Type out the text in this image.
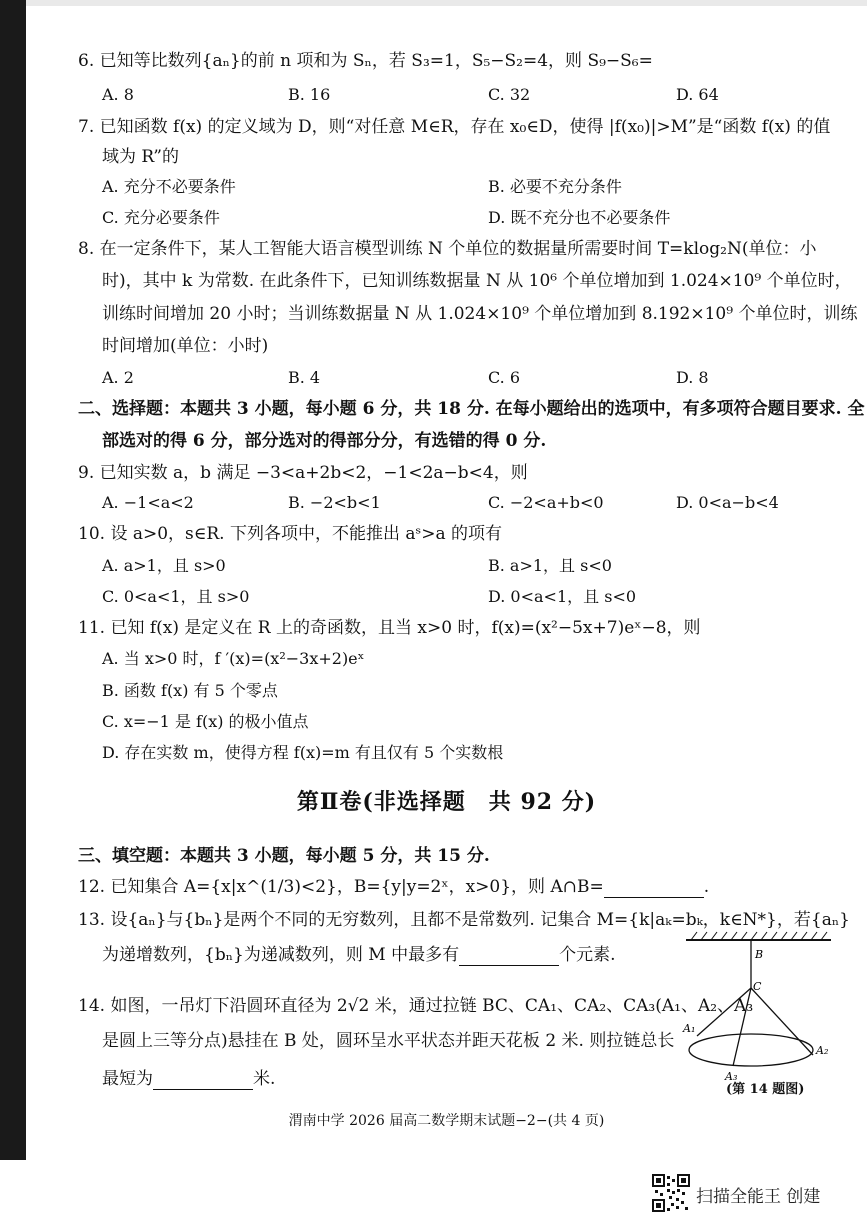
6. 已知等比数列{aₙ}的前 n 项和为 Sₙ，若 S₃=1，S₅−S₂=4，则 S₉−S₆=
A. 8	B. 16	C. 32	D. 64
7. 已知函数 f(x) 的定义域为 D，则“对任意 M∈R，存在 x₀∈D，使得 |f(x₀)|>M”是“函数 f(x) 的值
域为 R”的
A. 充分不必要条件	B. 必要不充分条件
C. 充分必要条件	D. 既不充分也不必要条件
8. 在一定条件下，某人工智能大语言模型训练 N 个单位的数据量所需要时间 T=klog₂N(单位：小
时)，其中 k 为常数. 在此条件下，已知训练数据量 N 从 10⁶ 个单位增加到 1.024×10⁹ 个单位时，
训练时间增加 20 小时；当训练数据量 N 从 1.024×10⁹ 个单位增加到 8.192×10⁹ 个单位时，训练
时间增加(单位：小时)
A. 2	B. 4	C. 6	D. 8
二、选择题：本题共 3 小题，每小题 6 分，共 18 分. 在每小题给出的选项中，有多项符合题目要求. 全
部选对的得 6 分，部分选对的得部分分，有选错的得 0 分.
9. 已知实数 a，b 满足 −3<a+2b<2，−1<2a−b<4，则
A. −1<a<2	B. −2<b<1	C. −2<a+b<0	D. 0<a−b<4
10. 设 a>0，s∈R. 下列各项中，不能推出 aˢ>a 的项有
A. a>1，且 s>0	B. a>1，且 s<0
C. 0<a<1，且 s>0	D. 0<a<1，且 s<0
11. 已知 f(x) 是定义在 R 上的奇函数，且当 x>0 时，f(x)=(x²−5x+7)eˣ−8，则
A. 当 x>0 时，f ′(x)=(x²−3x+2)eˣ
B. 函数 f(x) 有 5 个零点
C. x=−1 是 f(x) 的极小值点
D. 存在实数 m，使得方程 f(x)=m 有且仅有 5 个实数根
第Ⅱ卷(非选择题　共 92 分)
三、填空题：本题共 3 小题，每小题 5 分，共 15 分.
12. 已知集合 A={x|x^(1/3)<2}，B={y|y=2ˣ，x>0}，则 A∩B=	.
13. 设{aₙ}与{bₙ}是两个不同的无穷数列，且都不是常数列. 记集合 M={k|aₖ=bₖ，k∈N*}，若{aₙ}
为递增数列，{bₙ}为递减数列，则 M 中最多有	个元素.
14. 如图，一吊灯下沿圆环直径为 2√2 米，通过拉链 BC、CA₁、CA₂、CA₃(A₁、A₂、A₃
是圆上三等分点)悬挂在 B 处，圆环呈水平状态并距天花板 2 米. 则拉链总长
最短为	米.
B
C
A₁
A₂
A₃
(第 14 题图)
渭南中学 2026 届高二数学期末试题−2−(共 4 页)
扫描全能王 创建
